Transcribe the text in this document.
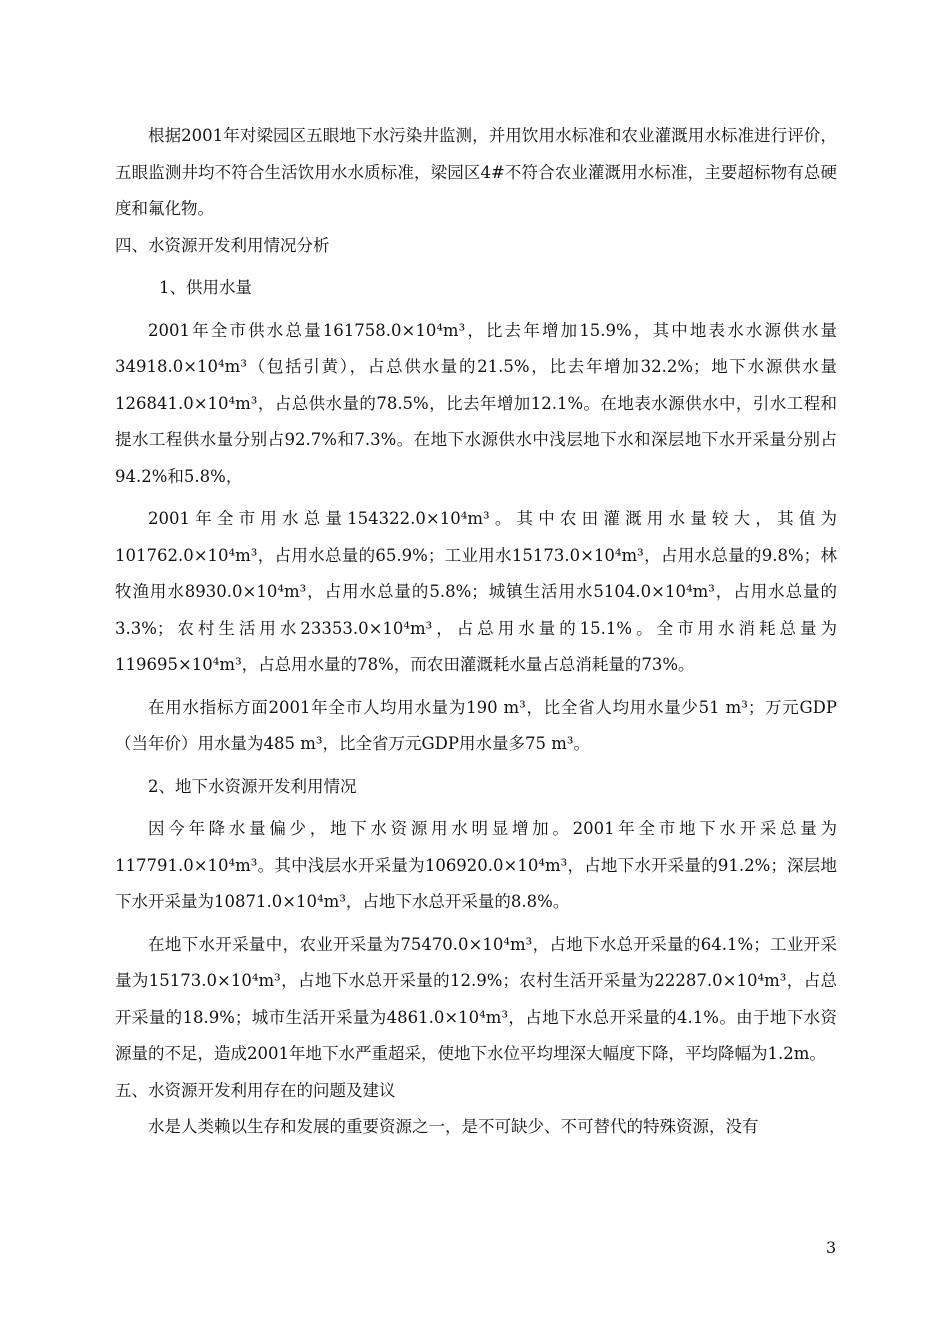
根据2001年对梁园区五眼地下水污染井监测，并用饮用水标准和农业灌溉用水标准进行评价，五眼监测井均不符合生活饮用水水质标准，梁园区4#不符合农业灌溉用水标准，主要超标物有总硬度和氟化物。

四、水资源开发利用情况分析

1、供用水量

2001年全市供水总量161758.0×10⁴m³，比去年增加15.9%，其中地表水水源供水量34918.0×10⁴m³（包括引黄），占总供水量的21.5%，比去年增加32.2%；地下水源供水量126841.0×10⁴m³，占总供水量的78.5%，比去年增加12.1%。在地表水源供水中，引水工程和提水工程供水量分别占92.7%和7.3%。在地下水源供水中浅层地下水和深层地下水开采量分别占94.2%和5.8%，

2001年全市用水总量154322.0×10⁴m³。其中农田灌溉用水量较大，其值为101762.0×10⁴m³，占用水总量的65.9%；工业用水15173.0×10⁴m³，占用水总量的9.8%；林牧渔用水8930.0×10⁴m³，占用水总量的5.8%；城镇生活用水5104.0×10⁴m³，占用水总量的3.3%；农村生活用水23353.0×10⁴m³，占总用水量的15.1%。全市用水消耗总量为119695×10⁴m³，占总用水量的78%，而农田灌溉耗水量占总消耗量的73%。

在用水指标方面2001年全市人均用水量为190 m³，比全省人均用水量少51 m³；万元GDP（当年价）用水量为485 m³，比全省万元GDP用水量多75 m³。

2、地下水资源开发利用情况

因今年降水量偏少，地下水资源用水明显增加。2001年全市地下水开采总量为117791.0×10⁴m³。其中浅层水开采量为106920.0×10⁴m³，占地下水开采量的91.2%；深层地下水开采量为10871.0×10⁴m³，占地下水总开采量的8.8%。

在地下水开采量中，农业开采量为75470.0×10⁴m³，占地下水总开采量的64.1%；工业开采量为15173.0×10⁴m³，占地下水总开采量的12.9%；农村生活开采量为22287.0×10⁴m³，占总开采量的18.9%；城市生活开采量为4861.0×10⁴m³，占地下水总开采量的4.1%。由于地下水资源量的不足，造成2001年地下水严重超采，使地下水位平均埋深大幅度下降，平均降幅为1.2m。

五、水资源开发利用存在的问题及建议

水是人类赖以生存和发展的重要资源之一，是不可缺少、不可替代的特殊资源，没有

3
